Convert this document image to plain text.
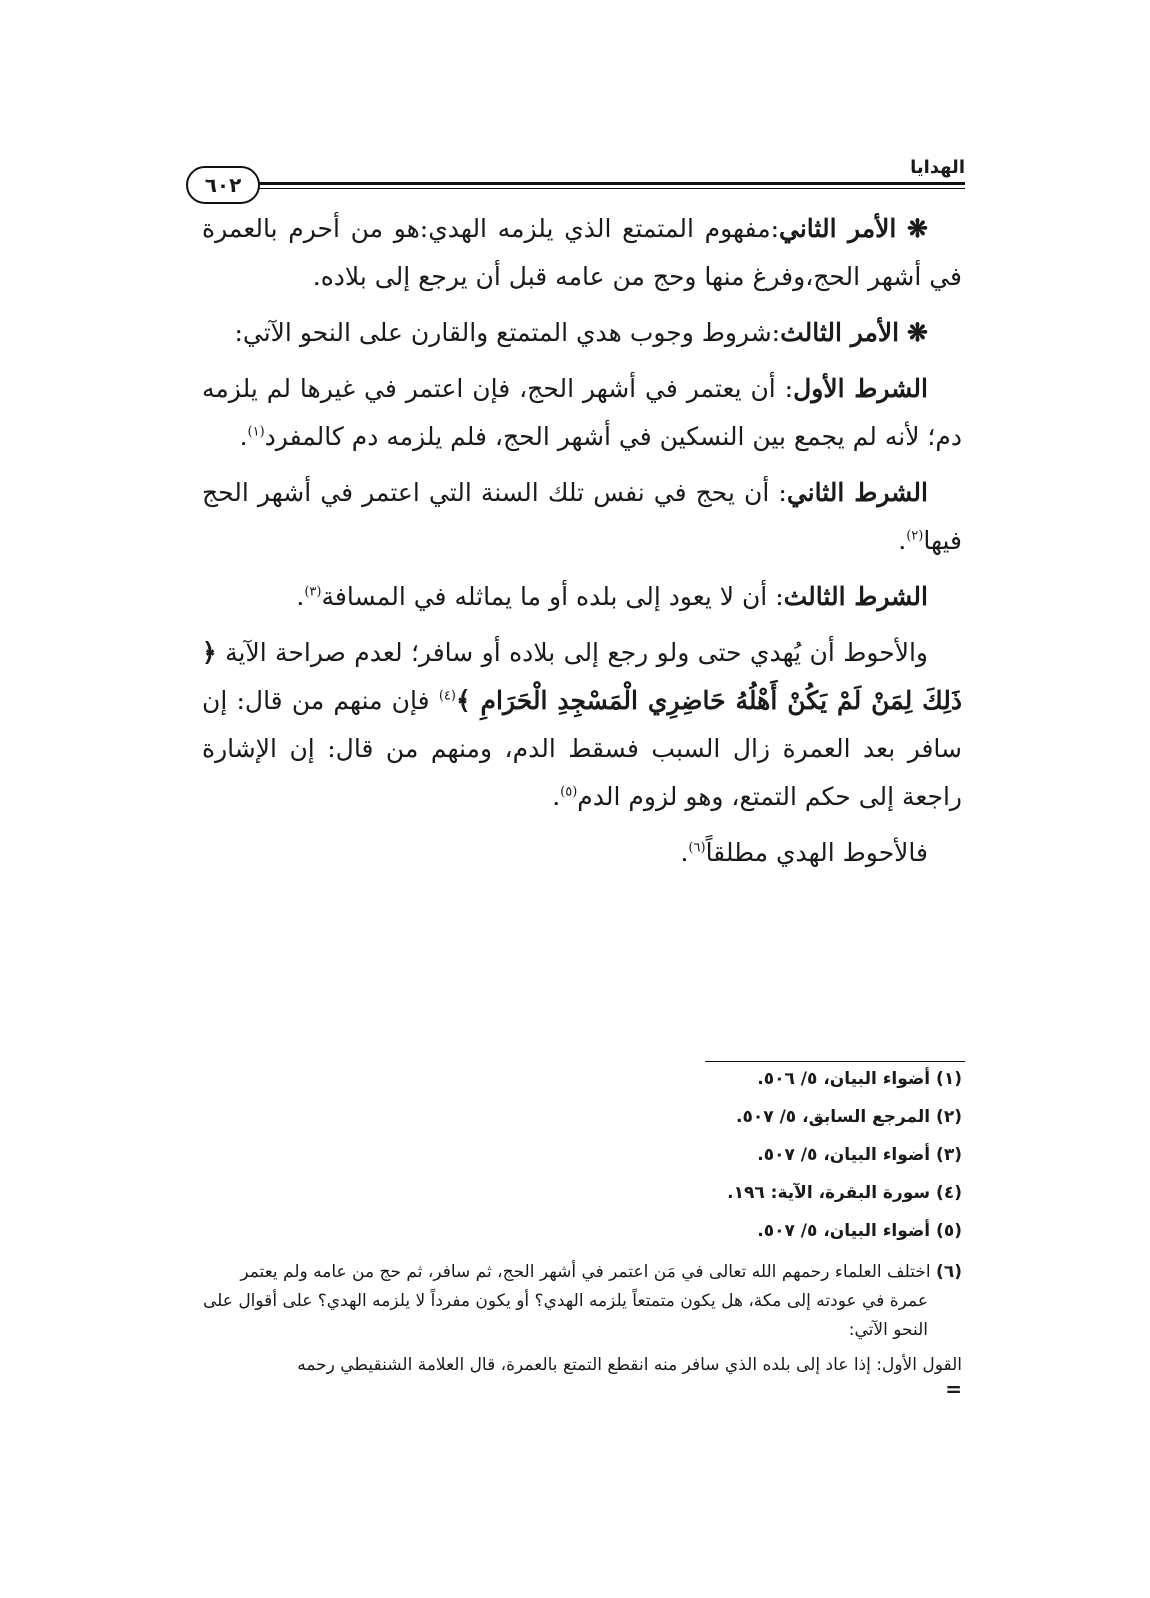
الهدايا
٦٠٢

❋ الأمر الثاني:مفهوم المتمتع الذي يلزمه الهدي:هو من أحرم بالعمرة في أشهر الحج،وفرغ منها وحج من عامه قبل أن يرجع إلى بلاده.

❋ الأمر الثالث:شروط وجوب هدي المتمتع والقارن على النحو الآتي:

الشرط الأول: أن يعتمر في أشهر الحج، فإن اعتمر في غيرها لم يلزمه دم؛ لأنه لم يجمع بين النسكين في أشهر الحج، فلم يلزمه دم كالمفرد$^{(١)}$.

الشرط الثاني: أن يحج في نفس تلك السنة التي اعتمر في أشهر الحج فيها$^{(٢)}$.

الشرط الثالث: أن لا يعود إلى بلده أو ما يماثله في المسافة$^{(٣)}$.

والأحوط أن يُهدي حتى ولو رجع إلى بلاده أو سافر؛ لعدم صراحة الآية ﴿ ذَلِكَ لِمَنْ لَمْ يَكُنْ أَهْلُهُ حَاضِرِي الْمَسْجِدِ الْحَرَامِ ﴾$^{(٤)}$ فإن منهم من قال: إن سافر بعد العمرة زال السبب فسقط الدم، ومنهم من قال: إن الإشارة راجعة إلى حكم التمتع، وهو لزوم الدم$^{(٥)}$.

فالأحوط الهدي مطلقاً$^{(٦)}$.

(١) أضواء البيان، ٥/ ٥٠٦.
(٢) المرجع السابق، ٥/ ٥٠٧.
(٣) أضواء البيان، ٥/ ٥٠٧.
(٤) سورة البقرة، الآية: ١٩٦.
(٥) أضواء البيان، ٥/ ٥٠٧.
(٦) اختلف العلماء رحمهم الله تعالى في مَن اعتمر في أشهر الحج، ثم سافر، ثم حج من عامه ولم يعتمر عمرة في عودته إلى مكة، هل يكون متمتعاً يلزمه الهدي؟ أو يكون مفرداً لا يلزمه الهدي؟ على أقوال على النحو الآتي:
القول الأول: إذا عاد إلى بلده الذي سافر منه انقطع التمتع بالعمرة، قال العلامة الشنقيطي رحمه
=
